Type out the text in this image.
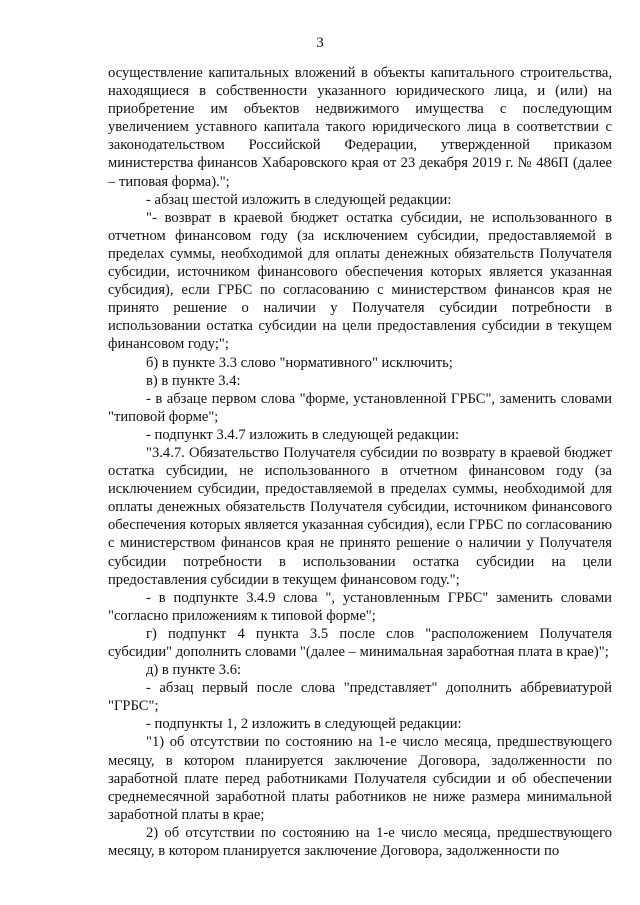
3

осуществление капитальных вложений в объекты капитального строительства, находящиеся в собственности указанного юридического лица, и (или) на приобретение им объектов недвижимого имущества с последующим увеличением уставного капитала такого юридического лица в соответствии с законодательством Российской Федерации, утвержденной приказом министерства финансов Хабаровского края от 23 декабря 2019 г. № 486П (далее – типовая форма).";

- абзац шестой изложить в следующей редакции:

"- возврат в краевой бюджет остатка субсидии, не использованного в отчетном финансовом году (за исключением субсидии, предоставляемой в пределах суммы, необходимой для оплаты денежных обязательств Получателя субсидии, источником финансового обеспечения которых является указанная субсидия), если ГРБС по согласованию с министерством финансов края не принято решение о наличии у Получателя субсидии потребности в использовании остатка субсидии на цели предоставления субсидии в текущем финансовом году;";

б) в пункте 3.3 слово "нормативного" исключить;

в) в пункте 3.4:

- в абзаце первом слова "форме, установленной ГРБС", заменить словами "типовой форме";

- подпункт 3.4.7 изложить в следующей редакции:

"3.4.7. Обязательство Получателя субсидии по возврату в краевой бюджет остатка субсидии, не использованного в отчетном финансовом году (за исключением субсидии, предоставляемой в пределах суммы, необходимой для оплаты денежных обязательств Получателя субсидии, источником финансового обеспечения которых является указанная субсидия), если ГРБС по согласованию с министерством финансов края не принято решение о наличии у Получателя субсидии потребности в использовании остатка субсидии на цели предоставления субсидии в текущем финансовом году.";

- в подпункте 3.4.9 слова ", установленным ГРБС" заменить словами "согласно приложениям к типовой форме";

г) подпункт 4 пункта 3.5 после слов "расположением Получателя субсидии" дополнить словами "(далее – минимальная заработная плата в крае)";

д) в пункте 3.6:

- абзац первый после слова "представляет" дополнить аббревиатурой "ГРБС";

- подпункты 1, 2 изложить в следующей редакции:

"1) об отсутствии по состоянию на 1-е число месяца, предшествующего месяцу, в котором планируется заключение Договора, задолженности по заработной плате перед работниками Получателя субсидии и об обеспечении среднемесячной заработной платы работников не ниже размера минимальной заработной платы в крае;

2) об отсутствии по состоянию на 1-е число месяца, предшествующего месяцу, в котором планируется заключение Договора, задолженности по
